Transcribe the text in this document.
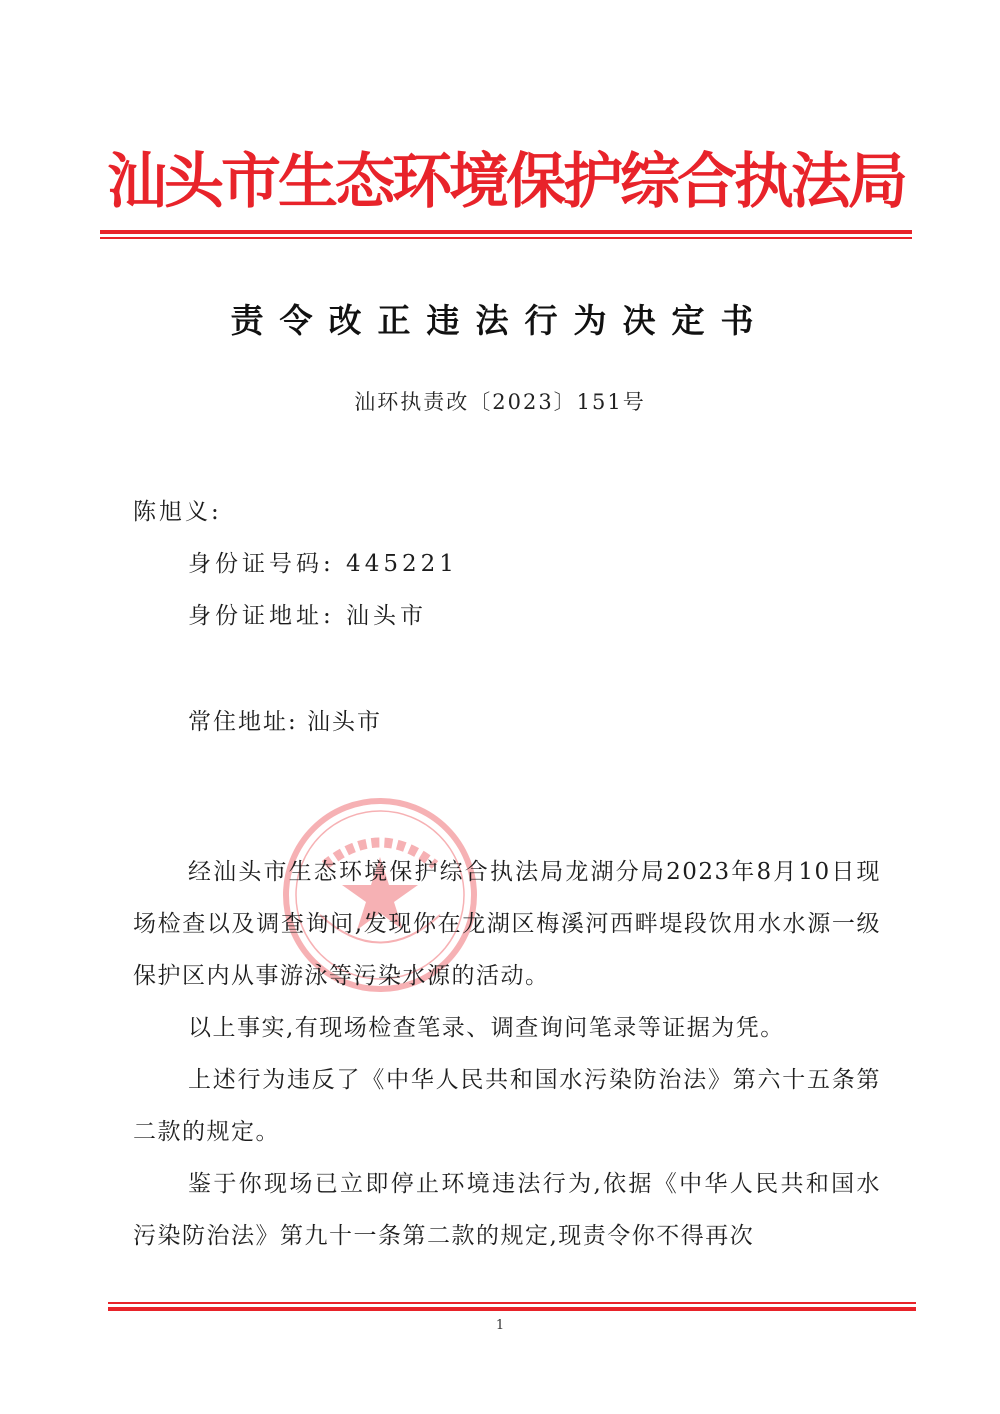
汕头市生态环境保护综合执法局
责令改正违法行为决定书
汕环执责改〔2023〕151号
陈旭义:
身份证号码: 445221
身份证地址: 汕头市
常住地址: 汕头市
经汕头市生态环境保护综合执法局龙湖分局2023年8月10日现场检查以及调查询问,发现你在龙湖区梅溪河西畔堤段饮用水水源一级保护区内从事游泳等污染水源的活动。
以上事实,有现场检查笔录、调查询问笔录等证据为凭。
上述行为违反了《中华人民共和国水污染防治法》第六十五条第二款的规定。
鉴于你现场已立即停止环境违法行为,依据《中华人民共和国水污染防治法》第九十一条第二款的规定,现责令你不得再次
1
